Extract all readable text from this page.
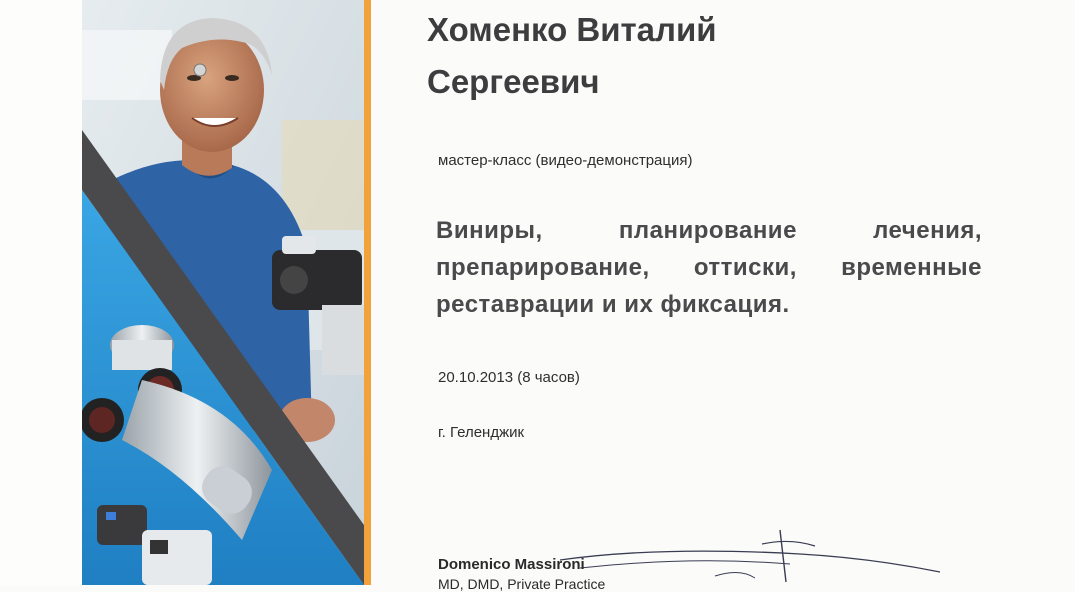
Хоменко Виталий
Сергеевич
мастер-класс (видео-демонстрация)

Виниры, планирование лечения, препарирование, оттиски, временные реставрации и их фиксация.

20.10.2013 (8 часов)
г. Геленджик
Domenico Massironi
MD, DMD, Private Practice
